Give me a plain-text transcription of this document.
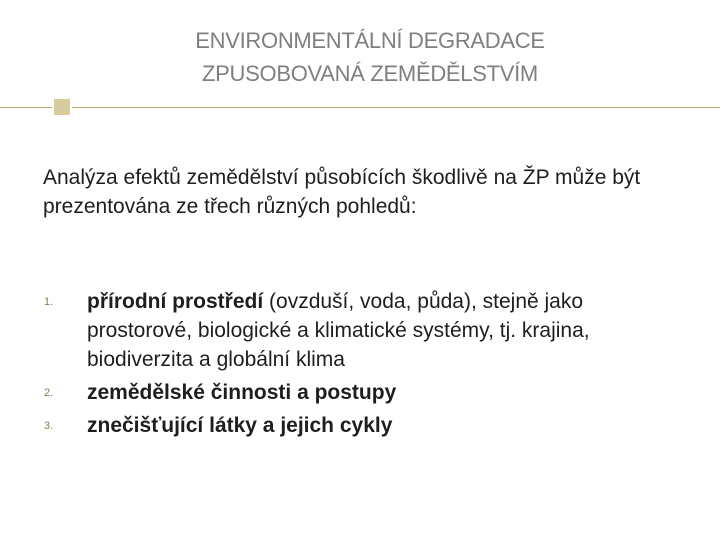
ENVIRONMENTÁLNÍ DEGRADACE
ZPUSOBOVANÁ ZEMĚDĚLSTVÍM
Analýza efektů zemědělství působících škodlivě na ŽP může být prezentována ze třech různých pohledů:
1. přírodní prostředí (ovzduší, voda, půda), stejně jako prostorové, biologické a klimatické systémy, tj. krajina, biodiverzita a globální klima
2. zemědělské činnosti a postupy
3. znečišťující látky a jejich cykly
